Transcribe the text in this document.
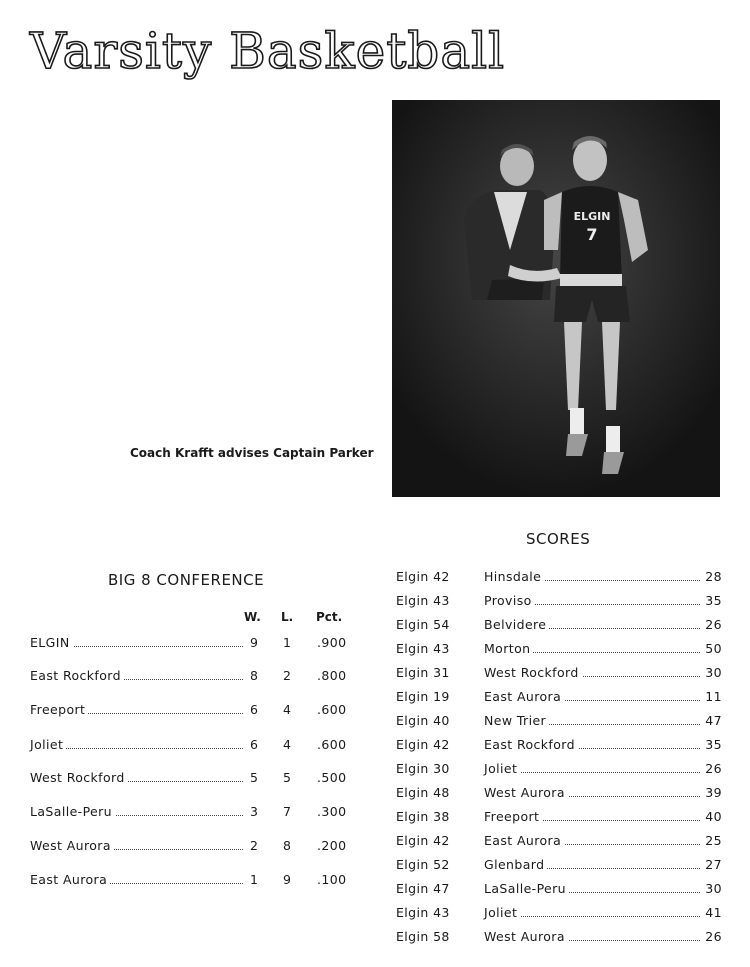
Varsity Basketball
ELGIN
7
Coach Krafft advises Captain Parker
BIG 8 CONFERENCE
W. L. Pct.
ELGIN	9 1 .900
East Rockford	8 2 .800
Freeport	6 4 .600
Joliet	6 4 .600
West Rockford	5 5 .500
LaSalle-Peru	3 7 .300
West Aurora	2 8 .200
East Aurora	1 9 .100
SCORES
Elgin 42	Hinsdale	28
Elgin 43	Proviso	35
Elgin 54	Belvidere	26
Elgin 43	Morton	50
Elgin 31	West Rockford	30
Elgin 19	East Aurora	11
Elgin 40	New Trier	47
Elgin 42	East Rockford	35
Elgin 30	Joliet	26
Elgin 48	West Aurora	39
Elgin 38	Freeport	40
Elgin 42	East Aurora	25
Elgin 52	Glenbard	27
Elgin 47	LaSalle-Peru	30
Elgin 43	Joliet	41
Elgin 58	West Aurora	26
